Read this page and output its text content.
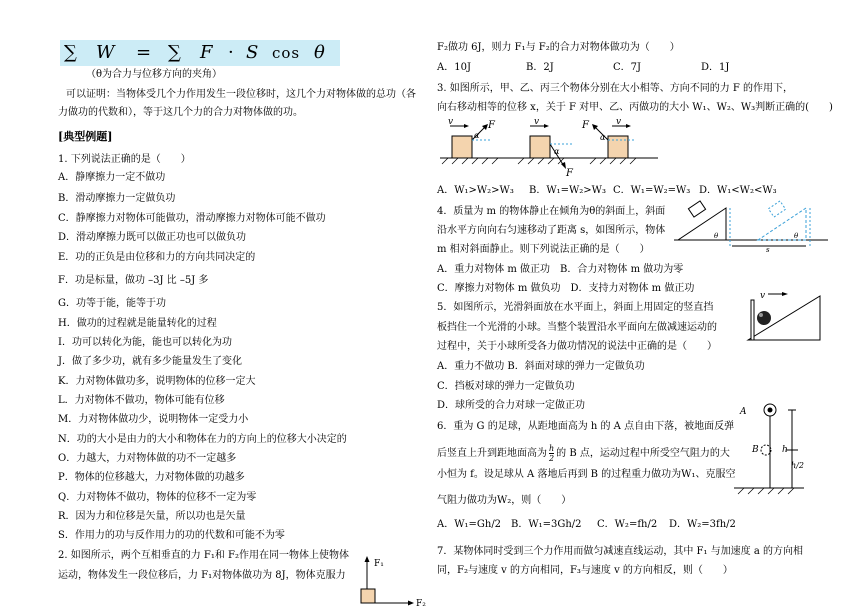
∑ W = ∑ F · S cos θ
（θ为合力与位移方向的夹角）
可以证明：当物体受几个力作用发生一段位移时，这几个力对物体做的总功（各
力做功的代数和），等于这几个力的合力对物体做的功。
[典型例题]
1. 下列说法正确的是（　　）
A．静摩擦力一定不做功
B．滑动摩擦力一定做负功
C．静摩擦力对物体可能做功，滑动摩擦力对物体可能不做功
D．滑动摩擦力既可以做正功也可以做负功
E．功的正负是由位移和力的方向共同决定的
F．功是标量，做功 –3J 比 –5J 多
G．功等于能，能等于功
H．做功的过程就是能量转化的过程
I．功可以转化为能，能也可以转化为功
J．做了多少功，就有多少能量发生了变化
K．力对物体做功多，说明物体的位移一定大
L．力对物体不做功，物体可能有位移
M．力对物体做功少，说明物体一定受力小
N．功的大小是由力的大小和物体在力的方向上的位移大小决定的
O．力越大，力对物体做的功不一定越多
P．物体的位移越大，力对物体做的功越多
Q．力对物体不做功，物体的位移不一定为零
R．因为力和位移是矢量，所以功也是矢量
S．作用力的功与反作用力的功的代数和可能不为零
2. 如图所示，两个互相垂直的力 F₁和 F₂作用在同一物体上使物体
运动，物体发生一段位移后，力 F₁对物体做功为 8J，物体克服力
F₁
F₂
F₂做功 6J，则力 F₁与 F₂的合力对物体做功为（　　）
A．10J	B．2J	C．7J	D．1J
3. 如图所示，甲、乙、丙三个物体分别在大小相等、方向不同的力 F 的作用下，
向右移动相等的位移 x，关于 F 对甲、乙、丙做功的大小 W₁、W₂、W₃判断正确的(　　)
A．W₁>W₂>W₃ B．W₁=W₂>W₃ C．W₁=W₂=W₃ D．W₁<W₂<W₃
4．质量为 m 的物体静止在倾角为θ的斜面上，斜面
沿水平方向向右匀速移动了距离 s，如图所示，物体
m 相对斜面静止。则下列说法正确的是（　　）
A．重力对物体 m 做正功　B．合力对物体 m 做功为零
C．摩擦力对物体 m 做负功　D．支持力对物体 m 做正功
5．如图所示，光滑斜面放在水平面上，斜面上用固定的竖直挡
板挡住一个光滑的小球。当整个装置沿水平面向左做减速运动的
过程中，关于小球所受各力做功情况的说法中正确的是（　　）
A．重力不做功 B．斜面对球的弹力一定做负功
C．挡板对球的弹力一定做负功
D．球所受的合力对球一定做正功
6．重为 G 的足球，从距地面高为 h 的 A 点自由下落，被地面反弹
后竖直上升到距地面高为 $\frac{h}{2}$ 的 B 点，运动过程中所受空气阻力的大
小恒为 f。设足球从 A 落地后再到 B 的过程重力做功为W₁、克服空
气阻力做功为W₂，则（　　）
A．W₁=Gh/2 B．W₁=3Gh/2 C．W₂=fh/2 D．W₂=3fh/2
7．某物体同时受到三个力作用而做匀减速直线运动，其中 F₁ 与加速度 a 的方向相
同，F₂与速度 v 的方向相同，F₃与速度 v 的方向相反，则（　　）
v	F
α
v
F
α
v
F
α
θ	θ
s
v
A
h
B
h/2
